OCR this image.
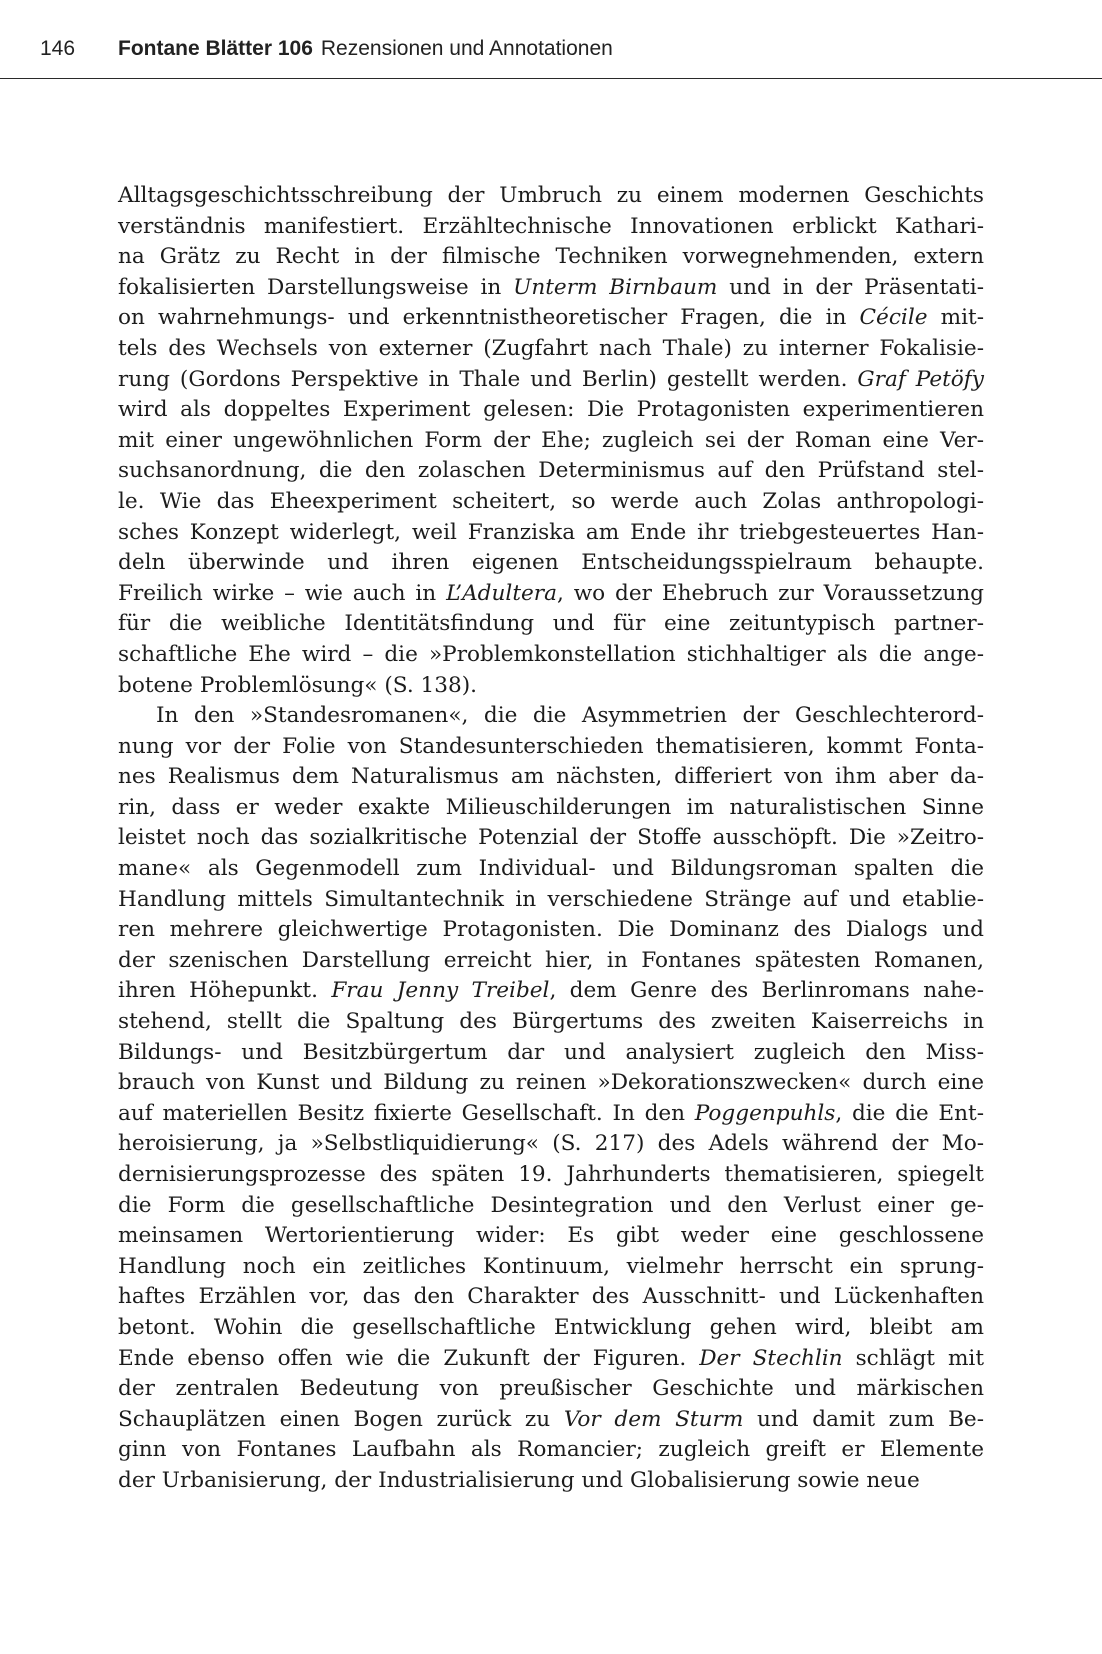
146 Fontane Blätter 106 Rezensionen und Annotationen
Alltagsgeschichtsschreibung der Umbruch zu einem modernen Geschichts
verständnis manifestiert. Erzähltechnische Innovationen erblickt Kathari-
na Grätz zu Recht in der filmische Techniken vorwegnehmenden, extern
fokalisierten Darstellungsweise in Unterm Birnbaum und in der Präsentati-
on wahrnehmungs- und erkenntnistheoretischer Fragen, die in Cécile mit-
tels des Wechsels von externer (Zugfahrt nach Thale) zu interner Fokalisie-
rung (Gordons Perspektive in Thale und Berlin) gestellt werden. Graf Petöfy
wird als doppeltes Experiment gelesen: Die Protagonisten experimentieren
mit einer ungewöhnlichen Form der Ehe; zugleich sei der Roman eine Ver-
suchsanordnung, die den zolaschen Determinismus auf den Prüfstand stel-
le. Wie das Eheexperiment scheitert, so werde auch Zolas anthropologi-
sches Konzept widerlegt, weil Franziska am Ende ihr triebgesteuertes Han-
deln überwinde und ihren eigenen Entscheidungsspielraum behaupte.
Freilich wirke – wie auch in L’Adultera, wo der Ehebruch zur Voraussetzung
für die weibliche Identitätsfindung und für eine zeituntypisch partner-
schaftliche Ehe wird – die »Problemkonstellation stichhaltiger als die ange-
botene Problemlösung« (S. 138).
In den »Standesromanen«, die die Asymmetrien der Geschlechterord-
nung vor der Folie von Standesunterschieden thematisieren, kommt Fonta-
nes Realismus dem Naturalismus am nächsten, differiert von ihm aber da-
rin, dass er weder exakte Milieuschilderungen im naturalistischen Sinne
leistet noch das sozialkritische Potenzial der Stoffe ausschöpft. Die »Zeitro-
mane« als Gegenmodell zum Individual- und Bildungsroman spalten die
Handlung mittels Simultantechnik in verschiedene Stränge auf und etablie-
ren mehrere gleichwertige Protagonisten. Die Dominanz des Dialogs und
der szenischen Darstellung erreicht hier, in Fontanes spätesten Romanen,
ihren Höhepunkt. Frau Jenny Treibel, dem Genre des Berlinromans nahe-
stehend, stellt die Spaltung des Bürgertums des zweiten Kaiserreichs in
Bildungs- und Besitzbürgertum dar und analysiert zugleich den Miss-
brauch von Kunst und Bildung zu reinen »Dekorationszwecken« durch eine
auf materiellen Besitz fixierte Gesellschaft. In den Poggenpuhls, die die Ent-
heroisierung, ja »Selbstliquidierung« (S. 217) des Adels während der Mo-
dernisierungsprozesse des späten 19. Jahrhunderts thematisieren, spiegelt
die Form die gesellschaftliche Desintegration und den Verlust einer ge-
meinsamen Wertorientierung wider: Es gibt weder eine geschlossene
Handlung noch ein zeitliches Kontinuum, vielmehr herrscht ein sprung-
haftes Erzählen vor, das den Charakter des Ausschnitt- und Lückenhaften
betont. Wohin die gesellschaftliche Entwicklung gehen wird, bleibt am
Ende ebenso offen wie die Zukunft der Figuren. Der Stechlin schlägt mit
der zentralen Bedeutung von preußischer Geschichte und märkischen
Schauplätzen einen Bogen zurück zu Vor dem Sturm und damit zum Be-
ginn von Fontanes Laufbahn als Romancier; zugleich greift er Elemente
der Urbanisierung, der Industrialisierung und Globalisierung sowie neue
